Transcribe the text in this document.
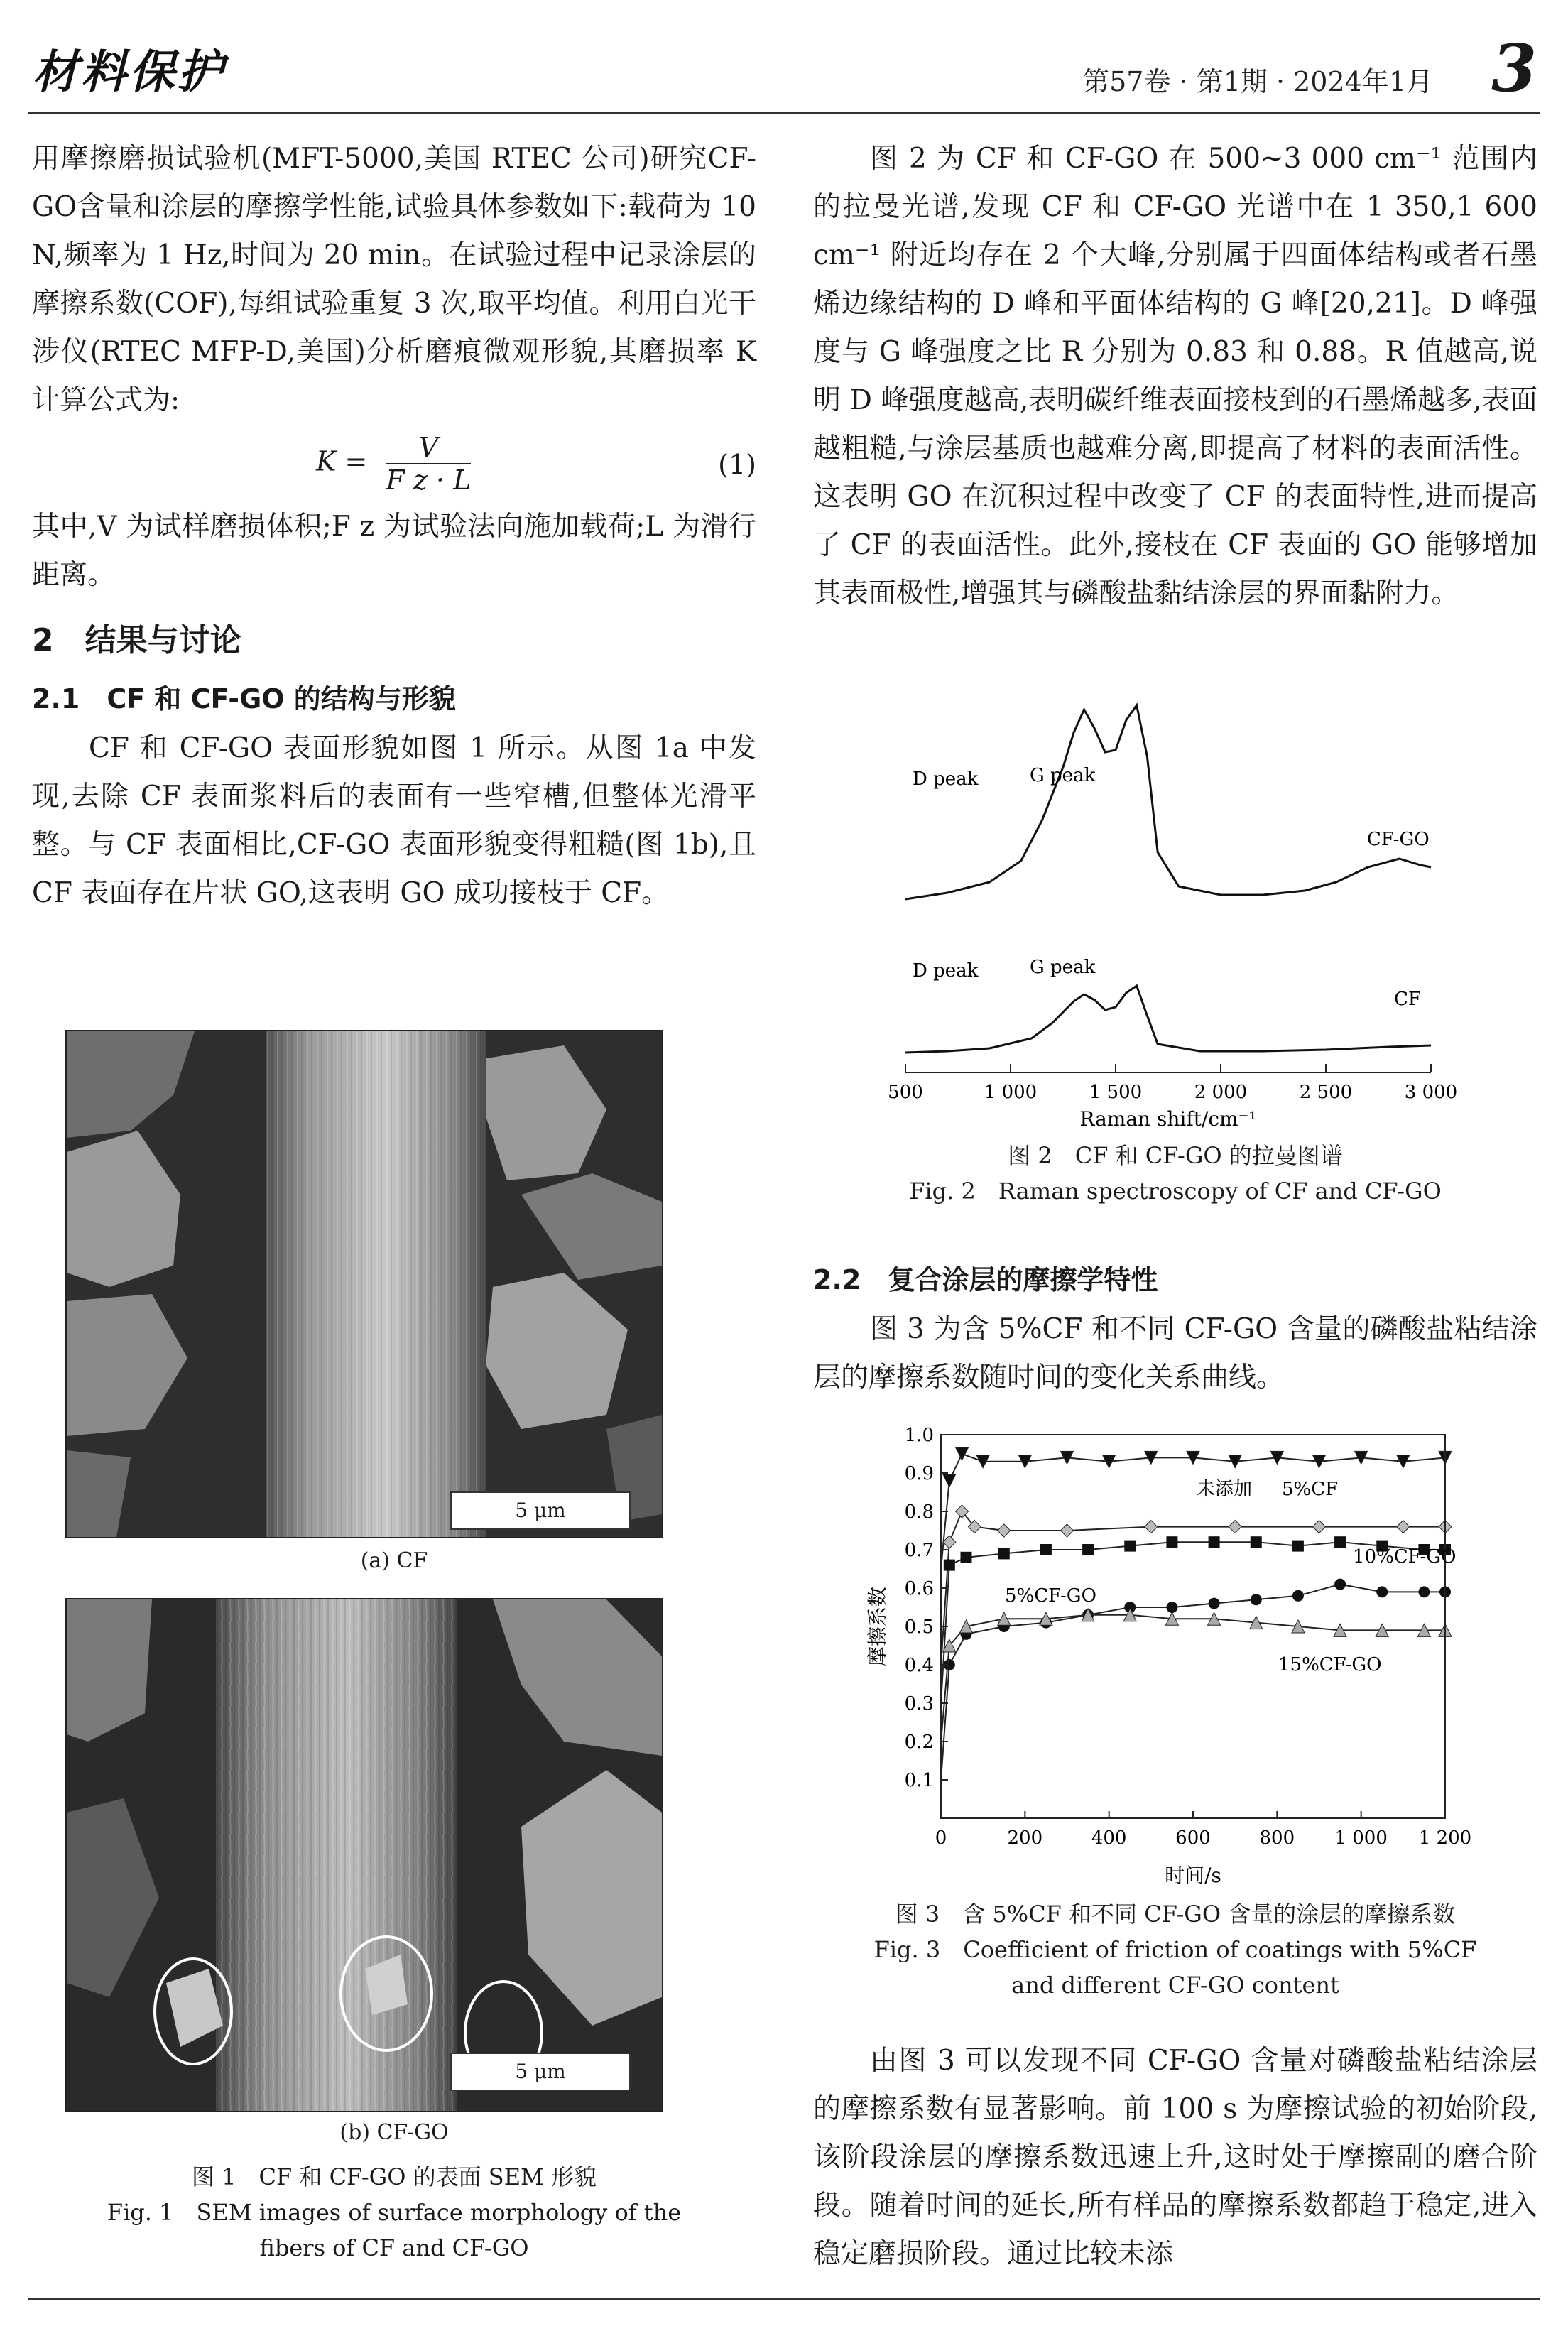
材料保护	第57卷 · 第1期 · 2024年1月 3

用摩擦磨损试验机(MFT-5000,美国 RTEC 公司)研究CF-GO含量和涂层的摩擦学性能,试验具体参数如下:载荷为 10 N,频率为 1 Hz,时间为 20 min。在试验过程中记录涂层的摩擦系数(COF),每组试验重复 3 次,取平均值。利用白光干涉仪(RTEC MFP-D,美国)分析磨痕微观形貌,其磨损率 K 计算公式为:

$K = \frac{V}{\text{F z · L}}$	(1)

其中,V 为试样磨损体积;F z 为试验法向施加载荷;L 为滑行距离。

2　结果与讨论
2.1　CF 和 CF-GO 的结构与形貌

CF 和 CF-GO 表面形貌如图 1 所示。从图 1a 中发现,去除 CF 表面浆料后的表面有一些窄槽,但整体光滑平整。与 CF 表面相比,CF-GO 表面形貌变得粗糙(图 1b),且 CF 表面存在片状 GO,这表明 GO 成功接枝于 CF。

5 μm
(a) CF
5 μm
(b) CF-GO
图 1　CF 和 CF-GO 的表面 SEM 形貌
Fig. 1　SEM images of surface morphology of the
fibers of CF and CF-GO

图 2 为 CF 和 CF-GO 在 500~3 000 cm⁻¹ 范围内的拉曼光谱,发现 CF 和 CF-GO 光谱中在 1 350,1 600 cm⁻¹ 附近均存在 2 个大峰,分别属于四面体结构或者石墨烯边缘结构的 D 峰和平面体结构的 G 峰[20,21]。D 峰强度与 G 峰强度之比 R 分别为 0.83 和 0.88。R 值越高,说明 D 峰强度越高,表明碳纤维表面接枝到的石墨烯越多,表面越粗糙,与涂层基质也越难分离,即提高了材料的表面活性。这表明 GO 在沉积过程中改变了 CF 的表面特性,进而提高了 CF 的表面活性。此外,接枝在 CF 表面的 GO 能够增加其表面极性,增强其与磷酸盐黏结涂层的界面黏附力。

500	1 000	1 500	2 000	2 500	3 000
D peak	G peak
CF-GO
D peak	G peak
CF
Raman shift/cm⁻¹
图 2　CF 和 CF-GO 的拉曼图谱
Fig. 2　Raman spectroscopy of CF and CF-GO
2.2　复合涂层的摩擦学特性

图 3 为含 5%CF 和不同 CF-GO 含量的磷酸盐粘结涂层的摩擦系数随时间的变化关系曲线。

0.1
0.2
0.3
0.4
0.5
0.6
0.7
0.8
0.9
1.0
0	200	400	600	800 1 000 1 200
摩擦系数
时间/s
未添加 5%CF
5%CF-GO
10%CF-GO
15%CF-GO
图 3　含 5%CF 和不同 CF-GO 含量的涂层的摩擦系数
Fig. 3　Coefficient of friction of coatings with 5%CF
and different CF-GO content

由图 3 可以发现不同 CF-GO 含量对磷酸盐粘结涂层的摩擦系数有显著影响。前 100 s 为摩擦试验的初始阶段,该阶段涂层的摩擦系数迅速上升,这时处于摩擦副的磨合阶段。随着时间的延长,所有样品的摩擦系数都趋于稳定,进入稳定磨损阶段。通过比较未添
